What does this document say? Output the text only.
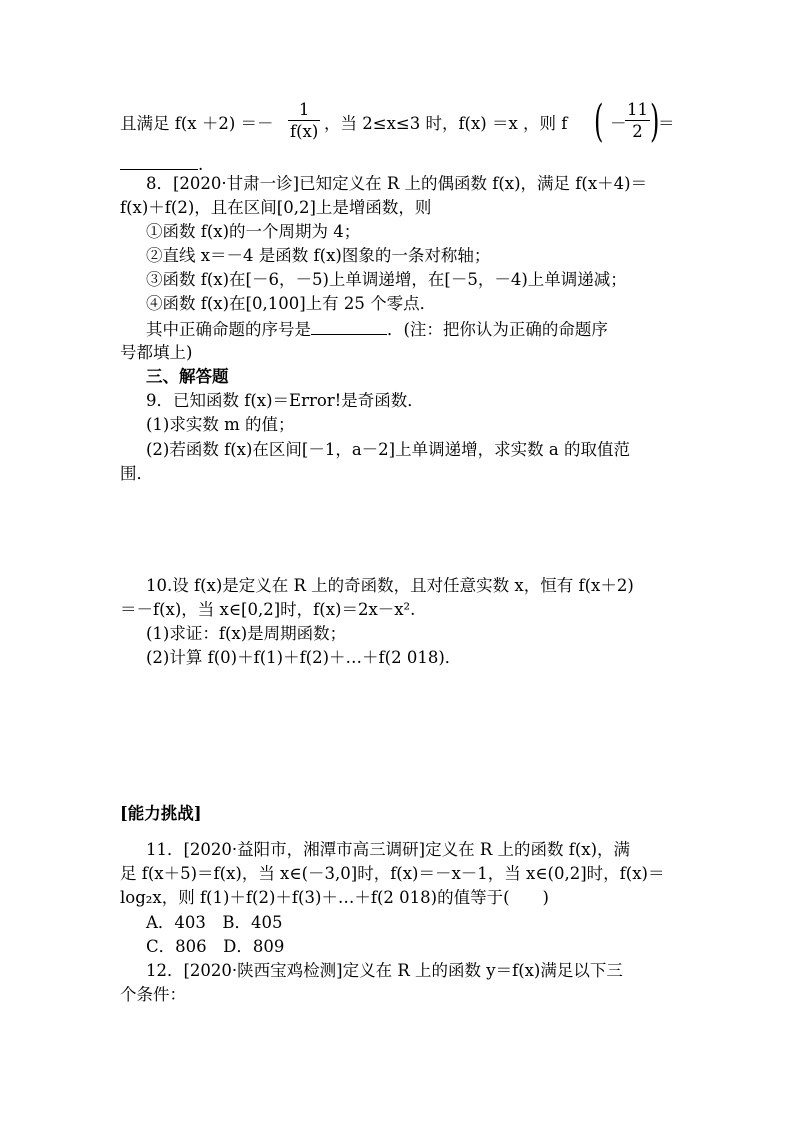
且满足 $f(x +2) =- \frac{1}{f(x)}$ ，当 2≤x≤3 时，f(x) ＝x ，则 f ( －
$\frac{11}{2}$ )
＝
.
8．[2020·甘肃一诊]已知定义在 R 上的偶函数 f(x)，满足 f(x＋4)＝
f(x)＋f(2)，且在区间[0,2]上是增函数，则
①函数 f(x)的一个周期为 4；
②直线 x＝－4 是函数 f(x)图象的一条对称轴；
③函数 f(x)在[－6，－5)上单调递增，在[－5，－4)上单调递减；
④函数 f(x)在[0,100]上有 25 个零点．
其中正确命题的序号是	．(注：把你认为正确的命题序
号都填上)
三、解答题
9．已知函数 f(x)＝Error!是奇函数．
(1)求实数 m 的值；
(2)若函数 f(x)在区间[－1，a－2]上单调递增，求实数 a 的取值范
围．
10.设 f(x)是定义在 R 上的奇函数，且对任意实数 x，恒有 f(x＋2)
＝－f(x)，当 x∈[0,2]时，f(x)＝2x－x².
(1)求证：f(x)是周期函数；
(2)计算 f(0)＋f(1)＋f(2)＋…＋f(2 018)．
[能力挑战]
11．[2020·益阳市，湘潭市高三调研]定义在 R 上的函数 f(x)，满
足 f(x＋5)＝f(x)，当 x∈(－3,0]时，f(x)＝－x－1，当 x∈(0,2]时，f(x)＝
log₂x，则 f(1)＋f(2)＋f(3)＋…＋f(2 018)的值等于(　　)
A．403　B．405
C．806　D．809
12．[2020·陕西宝鸡检测]定义在 R 上的函数 y＝f(x)满足以下三
个条件：
